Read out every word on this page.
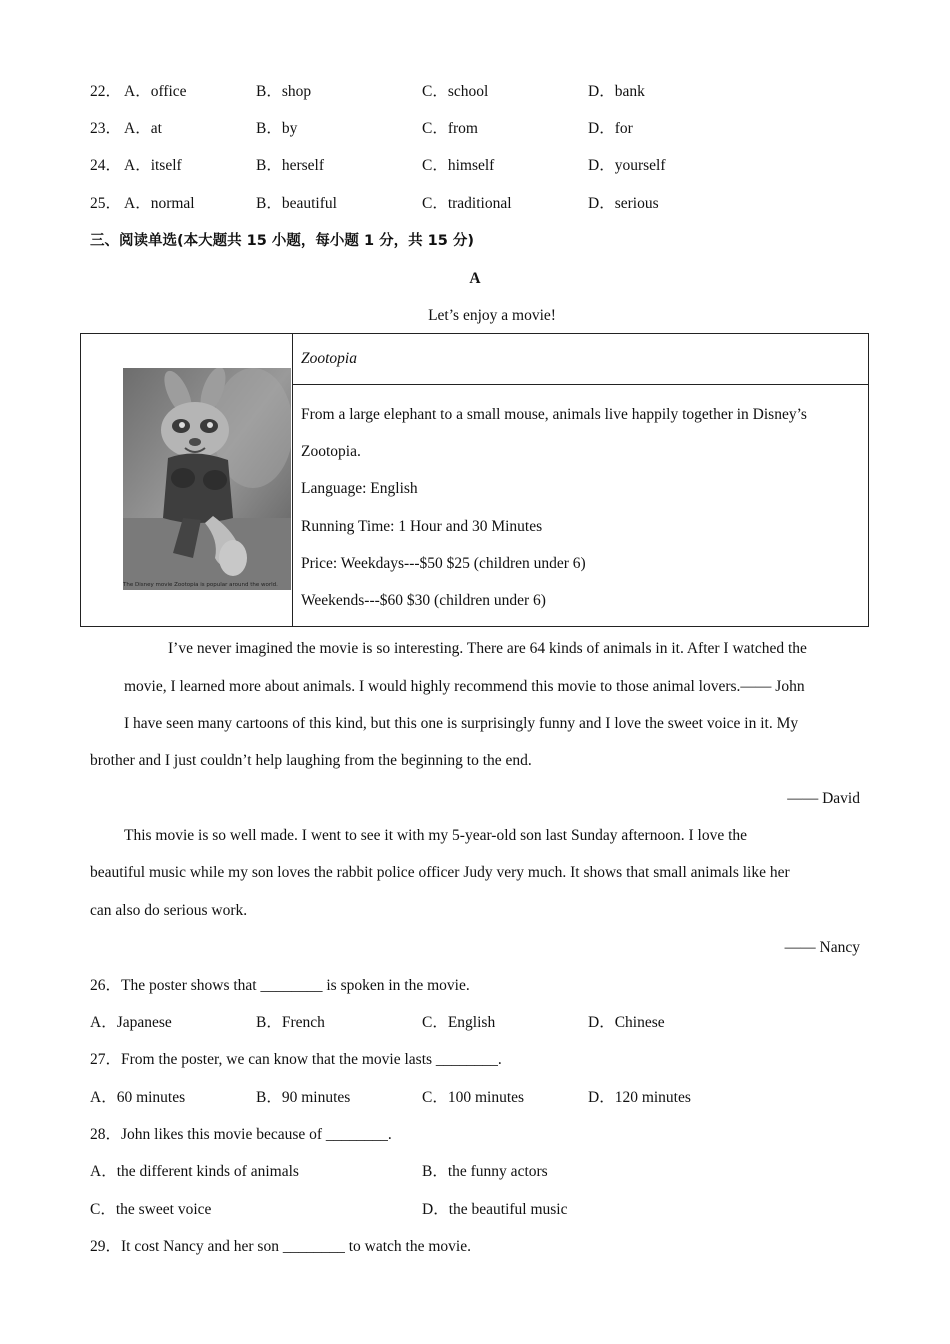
22． A．office	B．shop	C．school	D．bank
23． A．at	B．by	C．from	D．for
24． A．itself	B．herself	C．himself	D．yourself
25． A．normal	B．beautiful	C．traditional	D．serious
三、阅读单选(本大题共 15 小题，每小题 1 分，共 15 分)
A
Let’s enjoy a movie!
The Disney movie Zootopia is popular around the world.
Zootopia
From a large elephant to a small mouse, animals live happily together in Disney’s
Zootopia.
Language: English
Running Time: 1 Hour and 30 Minutes
Price: Weekdays---$50 $25 (children under 6)
Weekends---$60 $30 (children under 6)
I’ve never imagined the movie is so interesting. There are 64 kinds of animals in it. After I watched the
movie, I learned more about animals. I would highly recommend this movie to those animal lovers.—— John
I have seen many cartoons of this kind, but this one is surprisingly funny and I love the sweet voice in it. My
brother and I just couldn’t help laughing from the beginning to the end.
—— David
This movie is so well made. I went to see it with my 5-year-old son last Sunday afternoon. I love the
beautiful music while my son loves the rabbit police officer Judy very much. It shows that small animals like her
can also do serious work.
—— Nancy
26．The poster shows that ________ is spoken in the movie.
A．Japanese	B．French	C．English	D．Chinese
27．From the poster, we can know that the movie lasts ________.
A．60 minutes	B．90 minutes	C．100 minutes	D．120 minutes
28．John likes this movie because of ________.
A．the different kinds of animals	B．the funny actors
C．the sweet voice	D．the beautiful music
29．It cost Nancy and her son ________ to watch the movie.
